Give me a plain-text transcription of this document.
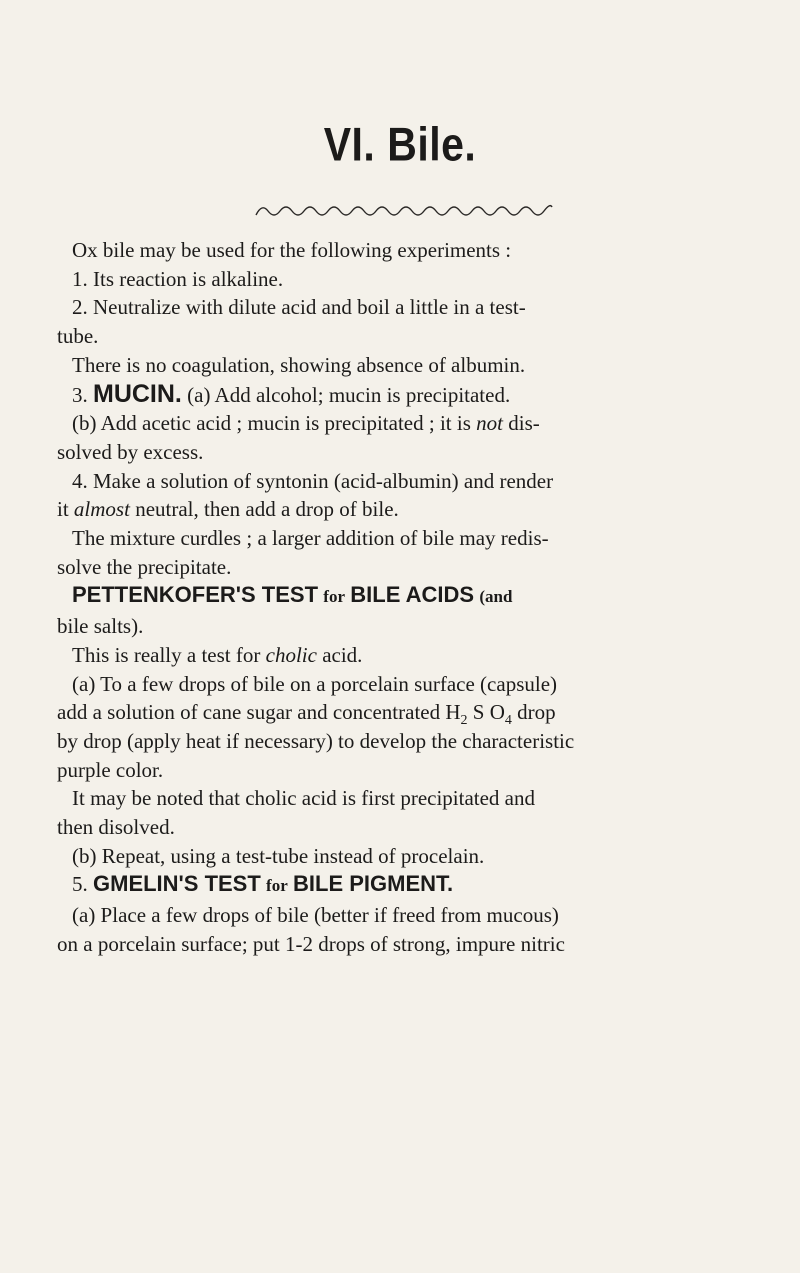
VI. Bile.

Ox bile may be used for the following experiments :

1. Its reaction is alkaline.

2. Neutralize with dilute acid and boil a little in a test-

tube.

There is no coagulation, showing absence of albumin.

3. MUCIN. (a) Add alcohol; mucin is precipitated.

(b) Add acetic acid ; mucin is precipitated ; it is not dis-

solved by excess.

4. Make a solution of syntonin (acid-albumin) and render

it almost neutral, then add a drop of bile.

The mixture curdles ; a larger addition of bile may redis-

solve the precipitate.

PETTENKOFER'S TEST for BILE ACIDS (and

bile salts).

This is really a test for cholic acid.

(a) To a few drops of bile on a porcelain surface (capsule)

add a solution of cane sugar and concentrated $H_2$ S $O_4$ drop

by drop (apply heat if necessary) to develop the characteristic

purple color.

It may be noted that cholic acid is first precipitated and

then disolved.

(b) Repeat, using a test-tube instead of procelain.

5. GMELIN'S TEST for BILE PIGMENT.

(a) Place a few drops of bile (better if freed from mucous)

on a porcelain surface; put 1-2 drops of strong, impure nitric
